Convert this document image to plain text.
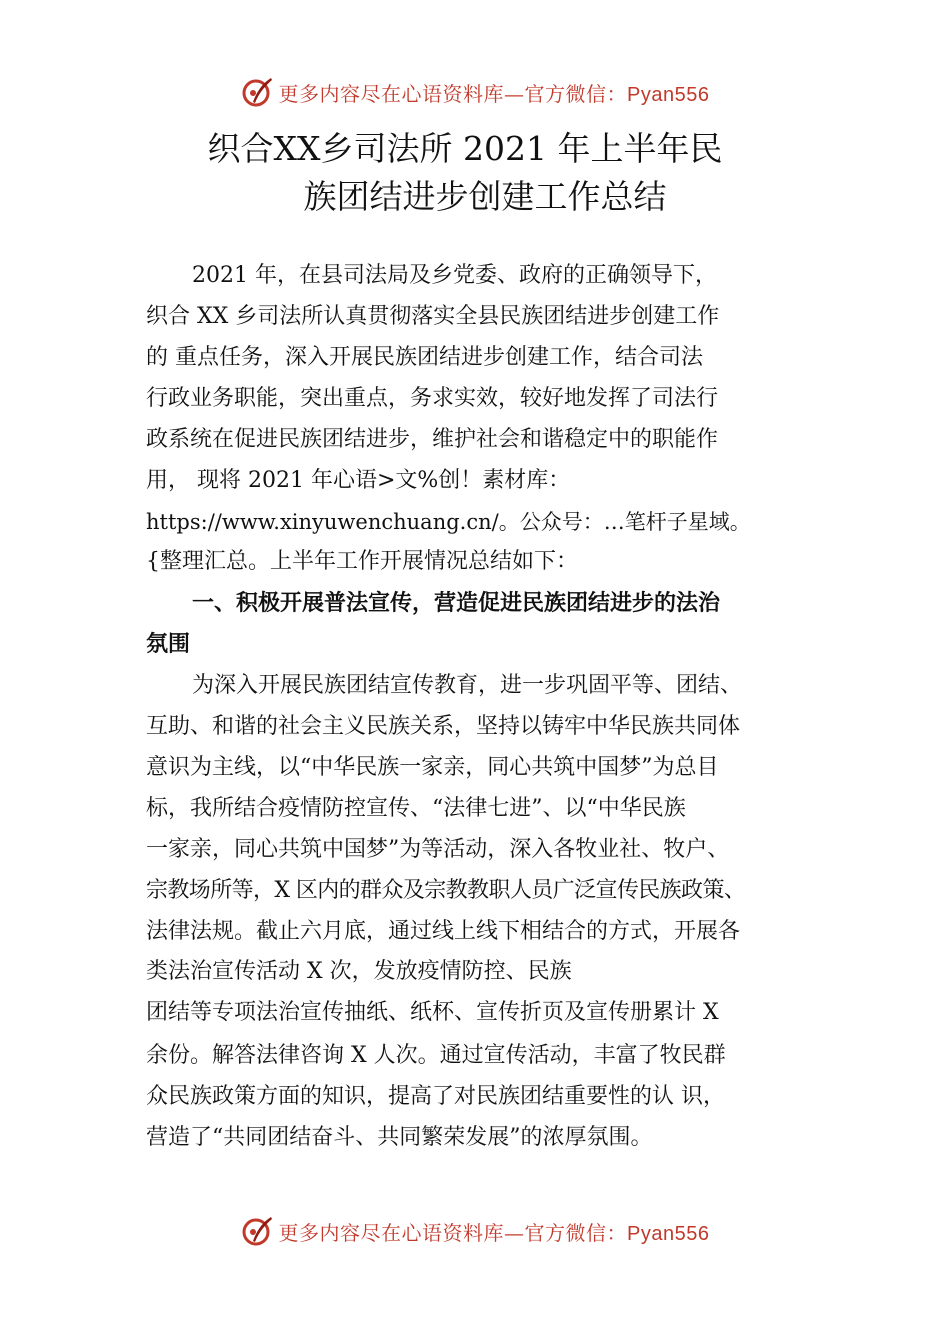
更多内容尽在心语资料库—官方微信：Pyan556
织合XX乡司法所 2021 年上半年民
族团结进步创建工作总结
2021 年，在县司法局及乡党委、政府的正确领导下，
织合 XX 乡司法所认真贯彻落实全县民族团结进步创建工作
的 重点任务，深入开展民族团结进步创建工作，结合司法
行政业务职能，突出重点，务求实效，较好地发挥了司法行
政系统在促进民族团结进步，维护社会和谐稳定中的职能作
用， 现将 2021 年心语>文%创！素材库：
https://www.xinyuwenchuang.cn/。公众号：…笔杆子星域。
{整理汇总。上半年工作开展情况总结如下：
一、积极开展普法宣传，营造促进民族团结进步的法治
氛围
为深入开展民族团结宣传教育，进一步巩固平等、团结、
互助、和谐的社会主义民族关系，坚持以铸牢中华民族共同体
意识为主线，以“中华民族一家亲，同心共筑中国梦”为总目
标，我所结合疫情防控宣传、“法律七进”、以“中华民族
一家亲，同心共筑中国梦”为等活动，深入各牧业社、牧户、
宗教场所等，X 区内的群众及宗教教职人员广泛宣传民族政策、
法律法规。截止六月底，通过线上线下相结合的方式，开展各
类法治宣传活动 X 次，发放疫情防控、民族
团结等专项法治宣传抽纸、纸杯、宣传折页及宣传册累计 X
余份。解答法律咨询 X 人次。通过宣传活动，丰富了牧民群
众民族政策方面的知识，提高了对民族团结重要性的认 识，
营造了“共同团结奋斗、共同繁荣发展”的浓厚氛围。
更多内容尽在心语资料库—官方微信：Pyan556
